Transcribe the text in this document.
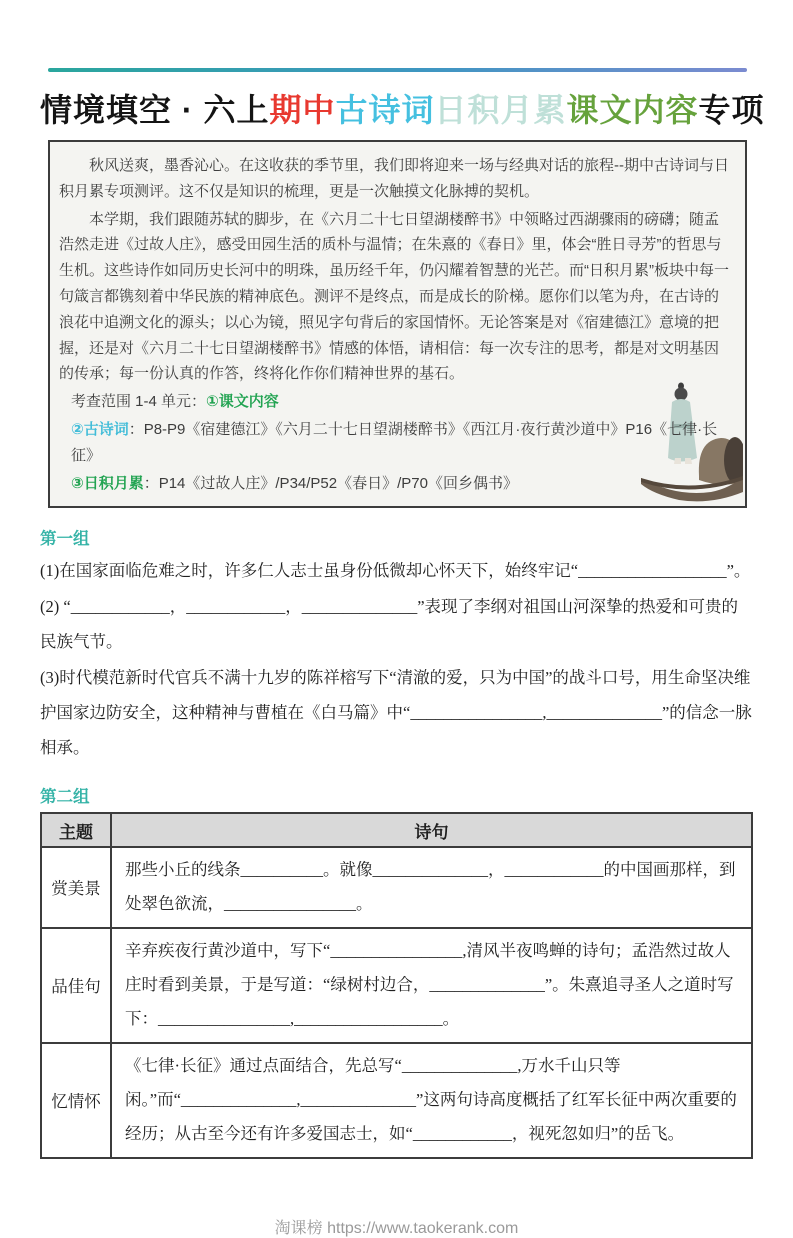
情境填空 · 六上期中古诗词日积月累课文内容专项

秋风送爽，墨香沁心。在这收获的季节里，我们即将迎来一场与经典对话的旅程--期中古诗词与日积月累专项测评。这不仅是知识的梳理，更是一次触摸文化脉搏的契机。

本学期，我们跟随苏轼的脚步，在《六月二十七日望湖楼醉书》中领略过西湖骤雨的磅礴；随孟浩然走进《过故人庄》，感受田园生活的质朴与温情；在朱熹的《春日》里，体会“胜日寻芳”的哲思与生机。这些诗作如同历史长河中的明珠，虽历经千年，仍闪耀着智慧的光芒。而“日积月累”板块中每一句箴言都镌刻着中华民族的精神底色。测评不是终点，而是成长的阶梯。愿你们以笔为舟，在古诗的浪花中追溯文化的源头；以心为镜，照见字句背后的家国情怀。无论答案是对《宿建德江》意境的把握，还是对《六月二十七日望湖楼醉书》情感的体悟，请相信：每一次专注的思考，都是对文明基因的传承；每一份认真的作答，终将化作你们精神世界的基石。

考查范围 1-4 单元：①课文内容

②古诗词：P8-P9《宿建德江》《六月二十七日望湖楼醉书》《西江月·夜行黄沙道中》P16《七律·长征》

③日积月累：P14《过故人庄》/P34/P52《春日》/P70《回乡偶书》

第一组

(1)在国家面临危难之时，许多仁人志士虽身份低微却心怀天下，始终牢记“__________________”。

(2) “____________，____________，______________”表现了李纲对祖国山河深挚的热爱和可贵的民族气节。

(3)时代模范新时代官兵不满十九岁的陈祥榕写下“清澈的爱，只为中国”的战斗口号，用生命坚决维护国家边防安全，这种精神与曹植在《白马篇》中“________________,______________”的信念一脉相承。

第二组
主题	诗句
赏美景	那些小丘的线条__________。就像______________，____________的中国画那样，到处翠色欲流，________________。
品佳句	辛弃疾夜行黄沙道中，写下“________________,清风半夜鸣蝉的诗句；孟浩然过故人庄时看到美景，于是写道：“绿树村边合，______________”。朱熹追寻圣人之道时写下：________________,__________________。
忆情怀	《七律·长征》通过点面结合，先总写“______________,万水千山只等闲。”而“______________,______________”这两句诗高度概括了红军长征中两次重要的经历；从古至今还有许多爱国志士，如“____________，视死忽如归”的岳飞。
淘课榜 https://www.taokerank.com
